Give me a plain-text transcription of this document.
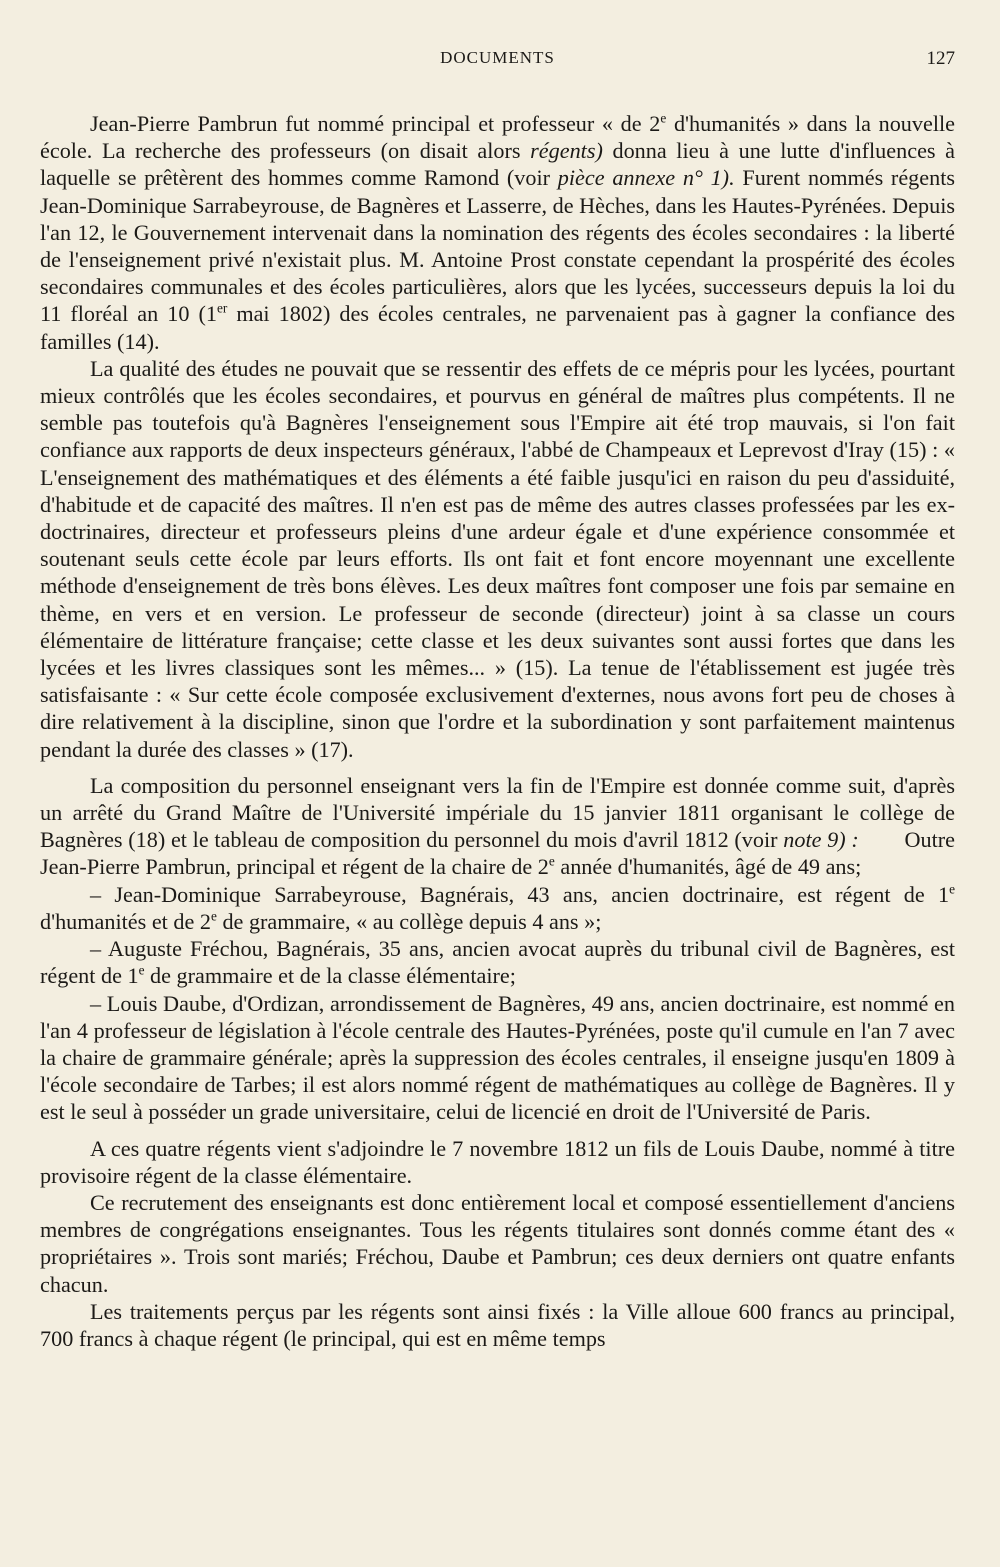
DOCUMENTS	127

Jean-Pierre Pambrun fut nommé principal et professeur « de 2e d'humanités » dans la nouvelle école. La recherche des professeurs (on disait alors régents) donna lieu à une lutte d'influences à laquelle se prêtèrent des hommes comme Ramond (voir pièce annexe n° 1). Furent nommés régents Jean-Dominique Sarrabeyrouse, de Bagnères et Lasserre, de Hèches, dans les Hautes-Pyrénées. Depuis l'an 12, le Gouvernement intervenait dans la nomination des régents des écoles secondaires : la liberté de l'enseignement privé n'existait plus. M. Antoine Prost constate cependant la prospérité des écoles secondaires communales et des écoles particulières, alors que les lycées, successeurs depuis la loi du 11 floréal an 10 (1er mai 1802) des écoles centrales, ne parvenaient pas à gagner la confiance des familles (14).

La qualité des études ne pouvait que se ressentir des effets de ce mépris pour les lycées, pourtant mieux contrôlés que les écoles secondaires, et pourvus en général de maîtres plus compétents. Il ne semble pas toutefois qu'à Bagnères l'enseignement sous l'Empire ait été trop mauvais, si l'on fait confiance aux rapports de deux inspecteurs généraux, l'abbé de Champeaux et Leprevost d'Iray (15) : « L'enseignement des mathématiques et des éléments a été faible jusqu'ici en raison du peu d'assiduité, d'habitude et de capacité des maîtres. Il n'en est pas de même des autres classes professées par les ex-doctrinaires, directeur et professeurs pleins d'une ardeur égale et d'une expérience consommée et soutenant seuls cette école par leurs efforts. Ils ont fait et font encore moyennant une excellente méthode d'enseignement de très bons élèves. Les deux maîtres font composer une fois par semaine en thème, en vers et en version. Le professeur de seconde (directeur) joint à sa classe un cours élémentaire de littérature française; cette classe et les deux suivantes sont aussi fortes que dans les lycées et les livres classiques sont les mêmes... » (15). La tenue de l'établissement est jugée très satisfaisante : « Sur cette école composée exclusivement d'externes, nous avons fort peu de choses à dire relativement à la discipline, sinon que l'ordre et la subordination y sont parfaitement maintenus pendant la durée des classes » (17).

La composition du personnel enseignant vers la fin de l'Empire est donnée comme suit, d'après un arrêté du Grand Maître de l'Université impériale du 15 janvier 1811 organisant le collège de Bagnères (18) et le tableau de composition du personnel du mois d'avril 1812 (voir note 9) :        Outre Jean-Pierre Pambrun, principal et régent de la chaire de 2e année d'humanités, âgé de 49 ans;

– Jean-Dominique Sarrabeyrouse, Bagnérais, 43 ans, ancien doctrinaire, est régent de 1e d'humanités et de 2e de grammaire, « au collège depuis 4 ans »;

– Auguste Fréchou, Bagnérais, 35 ans, ancien avocat auprès du tribunal civil de Bagnères, est régent de 1e de grammaire et de la classe élémentaire;

– Louis Daube, d'Ordizan, arrondissement de Bagnères, 49 ans, ancien doctrinaire, est nommé en l'an 4 professeur de législation à l'école centrale des Hautes-Pyrénées, poste qu'il cumule en l'an 7 avec la chaire de grammaire générale; après la suppression des écoles centrales, il enseigne jusqu'en 1809 à l'école secondaire de Tarbes; il est alors nommé régent de mathématiques au collège de Bagnères. Il y est le seul à posséder un grade universitaire, celui de licencié en droit de l'Université de Paris.

A ces quatre régents vient s'adjoindre le 7 novembre 1812 un fils de Louis Daube, nommé à titre provisoire régent de la classe élémentaire.

Ce recrutement des enseignants est donc entièrement local et composé essentiellement d'anciens membres de congrégations enseignantes. Tous les régents titulaires sont donnés comme étant des « propriétaires ». Trois sont mariés; Fréchou, Daube et Pambrun; ces deux derniers ont quatre enfants chacun.

Les traitements perçus par les régents sont ainsi fixés : la Ville alloue 600 francs au principal, 700 francs à chaque régent (le principal, qui est en même temps
